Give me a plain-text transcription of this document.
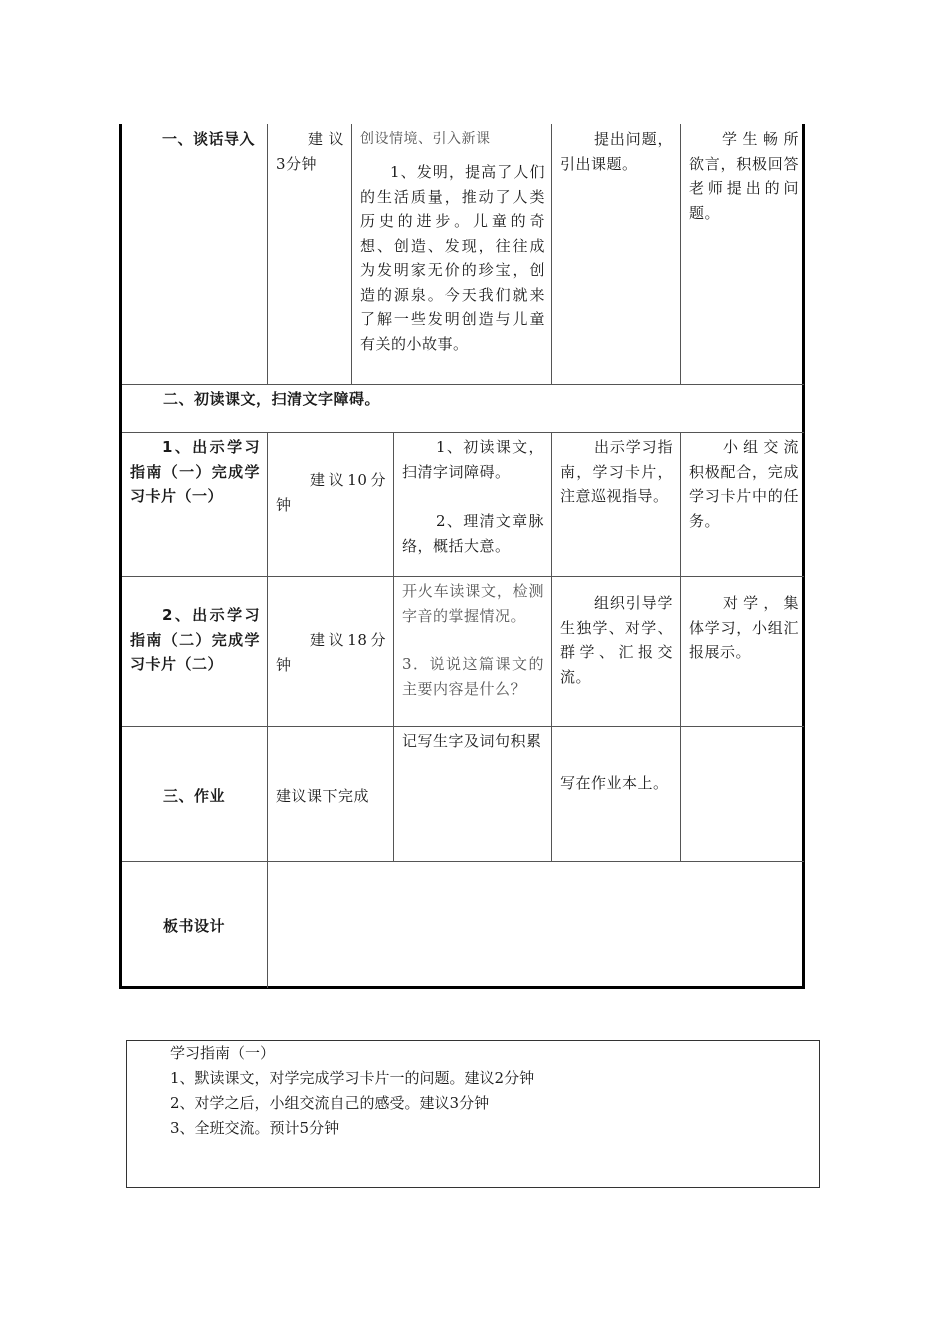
一、谈话导入	建议3分钟
创设情境、引入新课
1、发明，提高了人们的生活质量，推动了人类历史的进步。儿童的奇想、创造、发现，往往成为发明家无价的珍宝，创造的源泉。今天我们就来了解一些发明创造与儿童有关的小故事。
提出问题，引出课题。
学生畅所欲言，积极回答老师提出的问题。
二、初读课文，扫清文字障碍。
1、出示学习指南（一）完成学习卡片（一）
建议10分钟
1、初读课文，扫清字词障碍。
2、理清文章脉络，概括大意。
出示学习指南，学习卡片，注意巡视指导。
小组交流积极配合，完成学习卡片中的任务。
2、出示学习指南（二）完成学习卡片（二）
建议18分钟
开火车读课文，检测字音的掌握情况。
3．说说这篇课文的主要内容是什么？
组织引导学生独学、对学、群学、汇报交流。
对学，集体学习，小组汇报展示。
三、作业	建议课下完成
记写生字及词句积累
写在作业本上。
板书设计
学习指南（一）
1、默读课文，对学完成学习卡片一的问题。建议2分钟
2、对学之后，小组交流自己的感受。建议3分钟
3、全班交流。预计5分钟
